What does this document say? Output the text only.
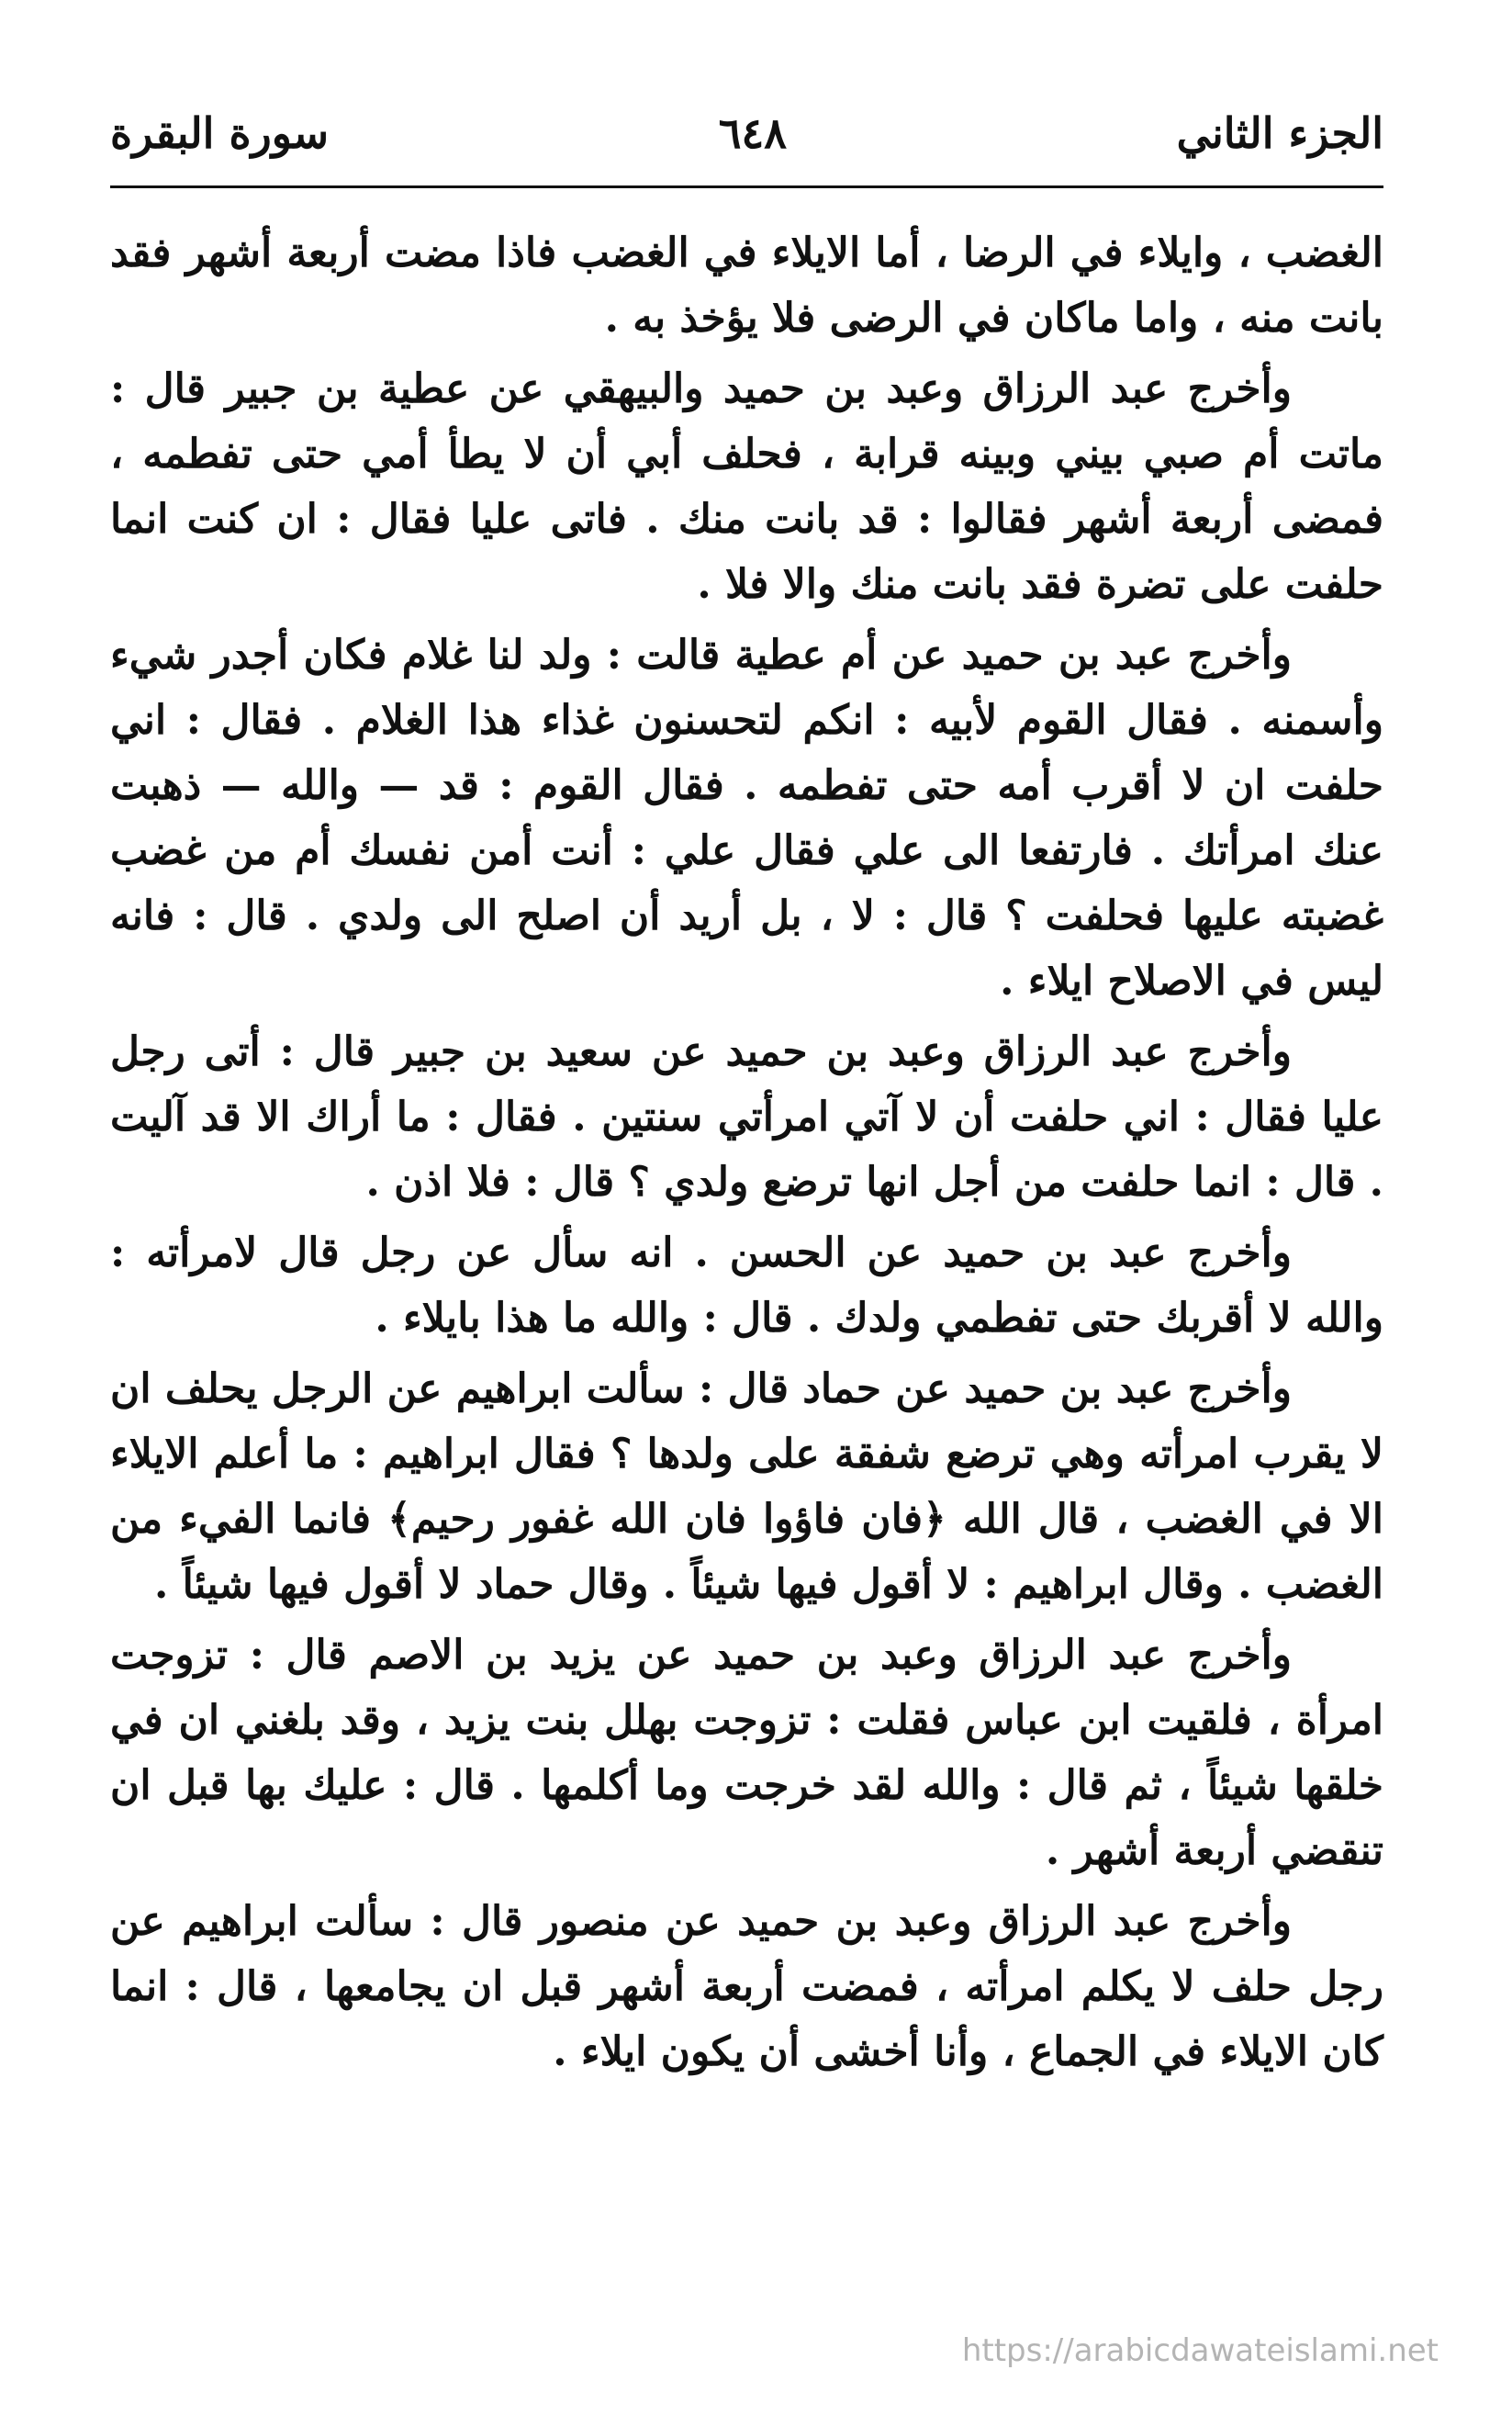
الجزء الثاني
٦٤٨
سورة البقرة

الغضب ، وايلاء في الرضا ، أما الايلاء في الغضب فاذا مضت أربعة أشهر فقد بانت منه ، واما ماكان في الرضى فلا يؤخذ به .

وأخرج عبد الرزاق وعبد بن حميد والبيهقي عن عطية بن جبير قال : ماتت أم صبي بيني وبينه قرابة ، فحلف أبي أن لا يطأ أمي حتى تفطمه ، فمضى أربعة أشهر فقالوا : قد بانت منك . فاتى عليا فقال : ان كنت انما حلفت على تضرة فقد بانت منك والا فلا .

وأخرج عبد بن حميد عن أم عطية قالت : ولد لنا غلام فكان أجدر شيء وأسمنه . فقال القوم لأبيه : انكم لتحسنون غذاء هذا الغلام . فقال : اني حلفت ان لا أقرب أمه حتى تفطمه . فقال القوم : قد — والله — ذهبت عنك امرأتك . فارتفعا الى علي فقال علي : أنت أمن نفسك أم من غضب غضبته عليها فحلفت ؟ قال : لا ، بل أريد أن اصلح الى ولدي . قال : فانه ليس في الاصلاح ايلاء .

وأخرج عبد الرزاق وعبد بن حميد عن سعيد بن جبير قال : أتى رجل عليا فقال : اني حلفت أن لا آتي امرأتي سنتين . فقال : ما أراك الا قد آليت . قال : انما حلفت من أجل انها ترضع ولدي ؟ قال : فلا اذن .

وأخرج عبد بن حميد عن الحسن . انه سأل عن رجل قال لامرأته : والله لا أقربك حتى تفطمي ولدك . قال : والله ما هذا بايلاء .

وأخرج عبد بن حميد عن حماد قال : سألت ابراهيم عن الرجل يحلف ان لا يقرب امرأته وهي ترضع شفقة على ولدها ؟ فقال ابراهيم : ما أعلم الايلاء الا في الغضب ، قال الله ﴿فان فاؤوا فان الله غفور رحيم﴾ فانما الفيء من الغضب . وقال ابراهيم : لا أقول فيها شيئاً . وقال حماد لا أقول فيها شيئاً .

وأخرج عبد الرزاق وعبد بن حميد عن يزيد بن الاصم قال : تزوجت امرأة ، فلقيت ابن عباس فقلت : تزوجت بهلل بنت يزيد ، وقد بلغني ان في خلقها شيئاً ، ثم قال : والله لقد خرجت وما أكلمها . قال : عليك بها قبل ان تنقضي أربعة أشهر .

وأخرج عبد الرزاق وعبد بن حميد عن منصور قال : سألت ابراهيم عن رجل حلف لا يكلم امرأته ، فمضت أربعة أشهر قبل ان يجامعها ، قال : انما كان الايلاء في الجماع ، وأنا أخشى أن يكون ايلاء .

https://arabicdawateislami.net
